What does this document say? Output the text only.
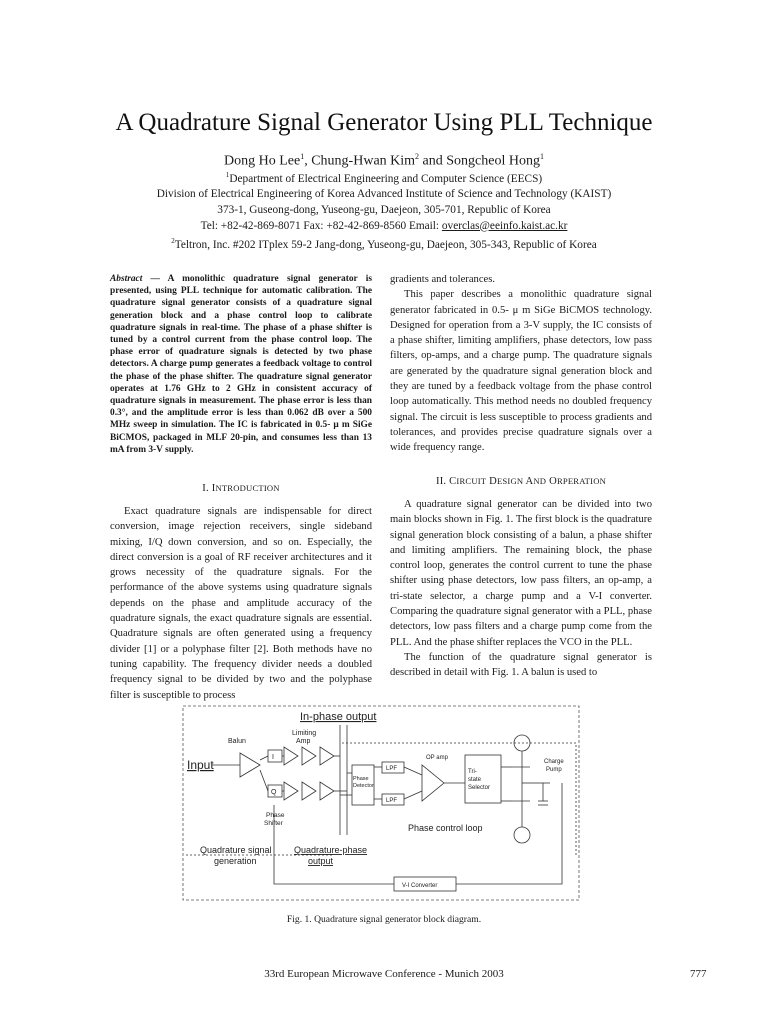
A Quadrature Signal Generator Using PLL Technique
Dong Ho Lee$^1$, Chung-Hwan Kim$^2$ and Songcheol Hong$^1$
$^1$Department of Electrical Engineering and Computer Science (EECS)
Division of Electrical Engineering of Korea Advanced Institute of Science and Technology (KAIST)
373-1, Guseong-dong, Yuseong-gu, Daejeon, 305-701, Republic of Korea
Tel: +82-42-869-8071 Fax: +82-42-869-8560 Email: overclas@eeinfo.kaist.ac.kr
$^2$Teltron, Inc. #202 ITplex 59-2 Jang-dong, Yuseong-gu, Daejeon, 305-343, Republic of Korea
Abstract — A monolithic quadrature signal generator is presented, using PLL technique for automatic calibration. The quadrature signal generator consists of a quadrature signal generation block and a phase control loop to calibrate quadrature signals in real-time. The phase of a phase shifter is tuned by a control current from the phase control loop. The phase error of quadrature signals is detected by two phase detectors. A charge pump generates a feedback voltage to control the phase of the phase shifter. The quadrature signal generator operates at 1.76 GHz to 2 GHz in consistent accuracy of quadrature signals in measurement. The phase error is less than 0.3°, and the amplitude error is less than 0.062 dB over a 500 MHz sweep in simulation. The IC is fabricated in 0.5- μ m SiGe BiCMOS, packaged in MLF 20-pin, and consumes less than 13 mA from 3-V supply.
I. INTRODUCTION

Exact quadrature signals are indispensable for direct conversion, image rejection receivers, single sideband mixing, I/Q down conversion, and so on. Especially, the direct conversion is a goal of RF receiver architectures and it grows necessity of the quadrature signals. For the performance of the above systems using quadrature signals depends on the phase and amplitude accuracy of the quadrature signals, the exact quadrature signals are essential. Quadrature signals are often generated using a frequency divider [1] or a polyphase filter [2]. Both methods have no tuning capability. The frequency divider needs a doubled frequency signal to be divided by two and the polyphase filter is susceptible to process

gradients and tolerances.

This paper describes a monolithic quadrature signal generator fabricated in 0.5- μ m SiGe BiCMOS technology. Designed for operation from a 3-V supply, the IC consists of a phase shifter, limiting amplifiers, phase detectors, low pass filters, op-amps, and a charge pump. The quadrature signals are generated by the quadrature signal generation block and they are tuned by a feedback voltage from the phase control loop automatically. This method needs no doubled frequency signal. The circuit is less susceptible to process gradients and tolerances, and provides precise quadrature signals over a wide frequency range.

II. CIRCUIT DESIGN AND ORPERATION

A quadrature signal generator can be divided into two main blocks shown in Fig. 1. The first block is the quadrature signal generation block consisting of a balun, a phase shifter and limiting amplifiers. The remaining block, the phase control loop, generates the control current to tune the phase shifter using phase detectors, low pass filters, an op-amp, a tri-state selector, a charge pump and a V-I converter. Comparing the quadrature signal generator with a PLL, phase detectors, low pass filters and a charge pump come from the PLL. And the phase shifter replaces the VCO in the PLL.

The function of the quadrature signal generator is described in detail with Fig. 1. A balun is used to

In-phase output
Input
Balun
Limiting
Amp
I
Q
Phase
Shifter
Phase
Detector
LPF
LPF
OP amp
Tri-
state
Selector
Charge
Pump
Phase control loop
Quadrature signal
generation
Quadrature-phase
output
V-I Converter
Fig. 1. Quadrature signal generator block diagram.
33rd European Microwave Conference - Munich 2003	777
